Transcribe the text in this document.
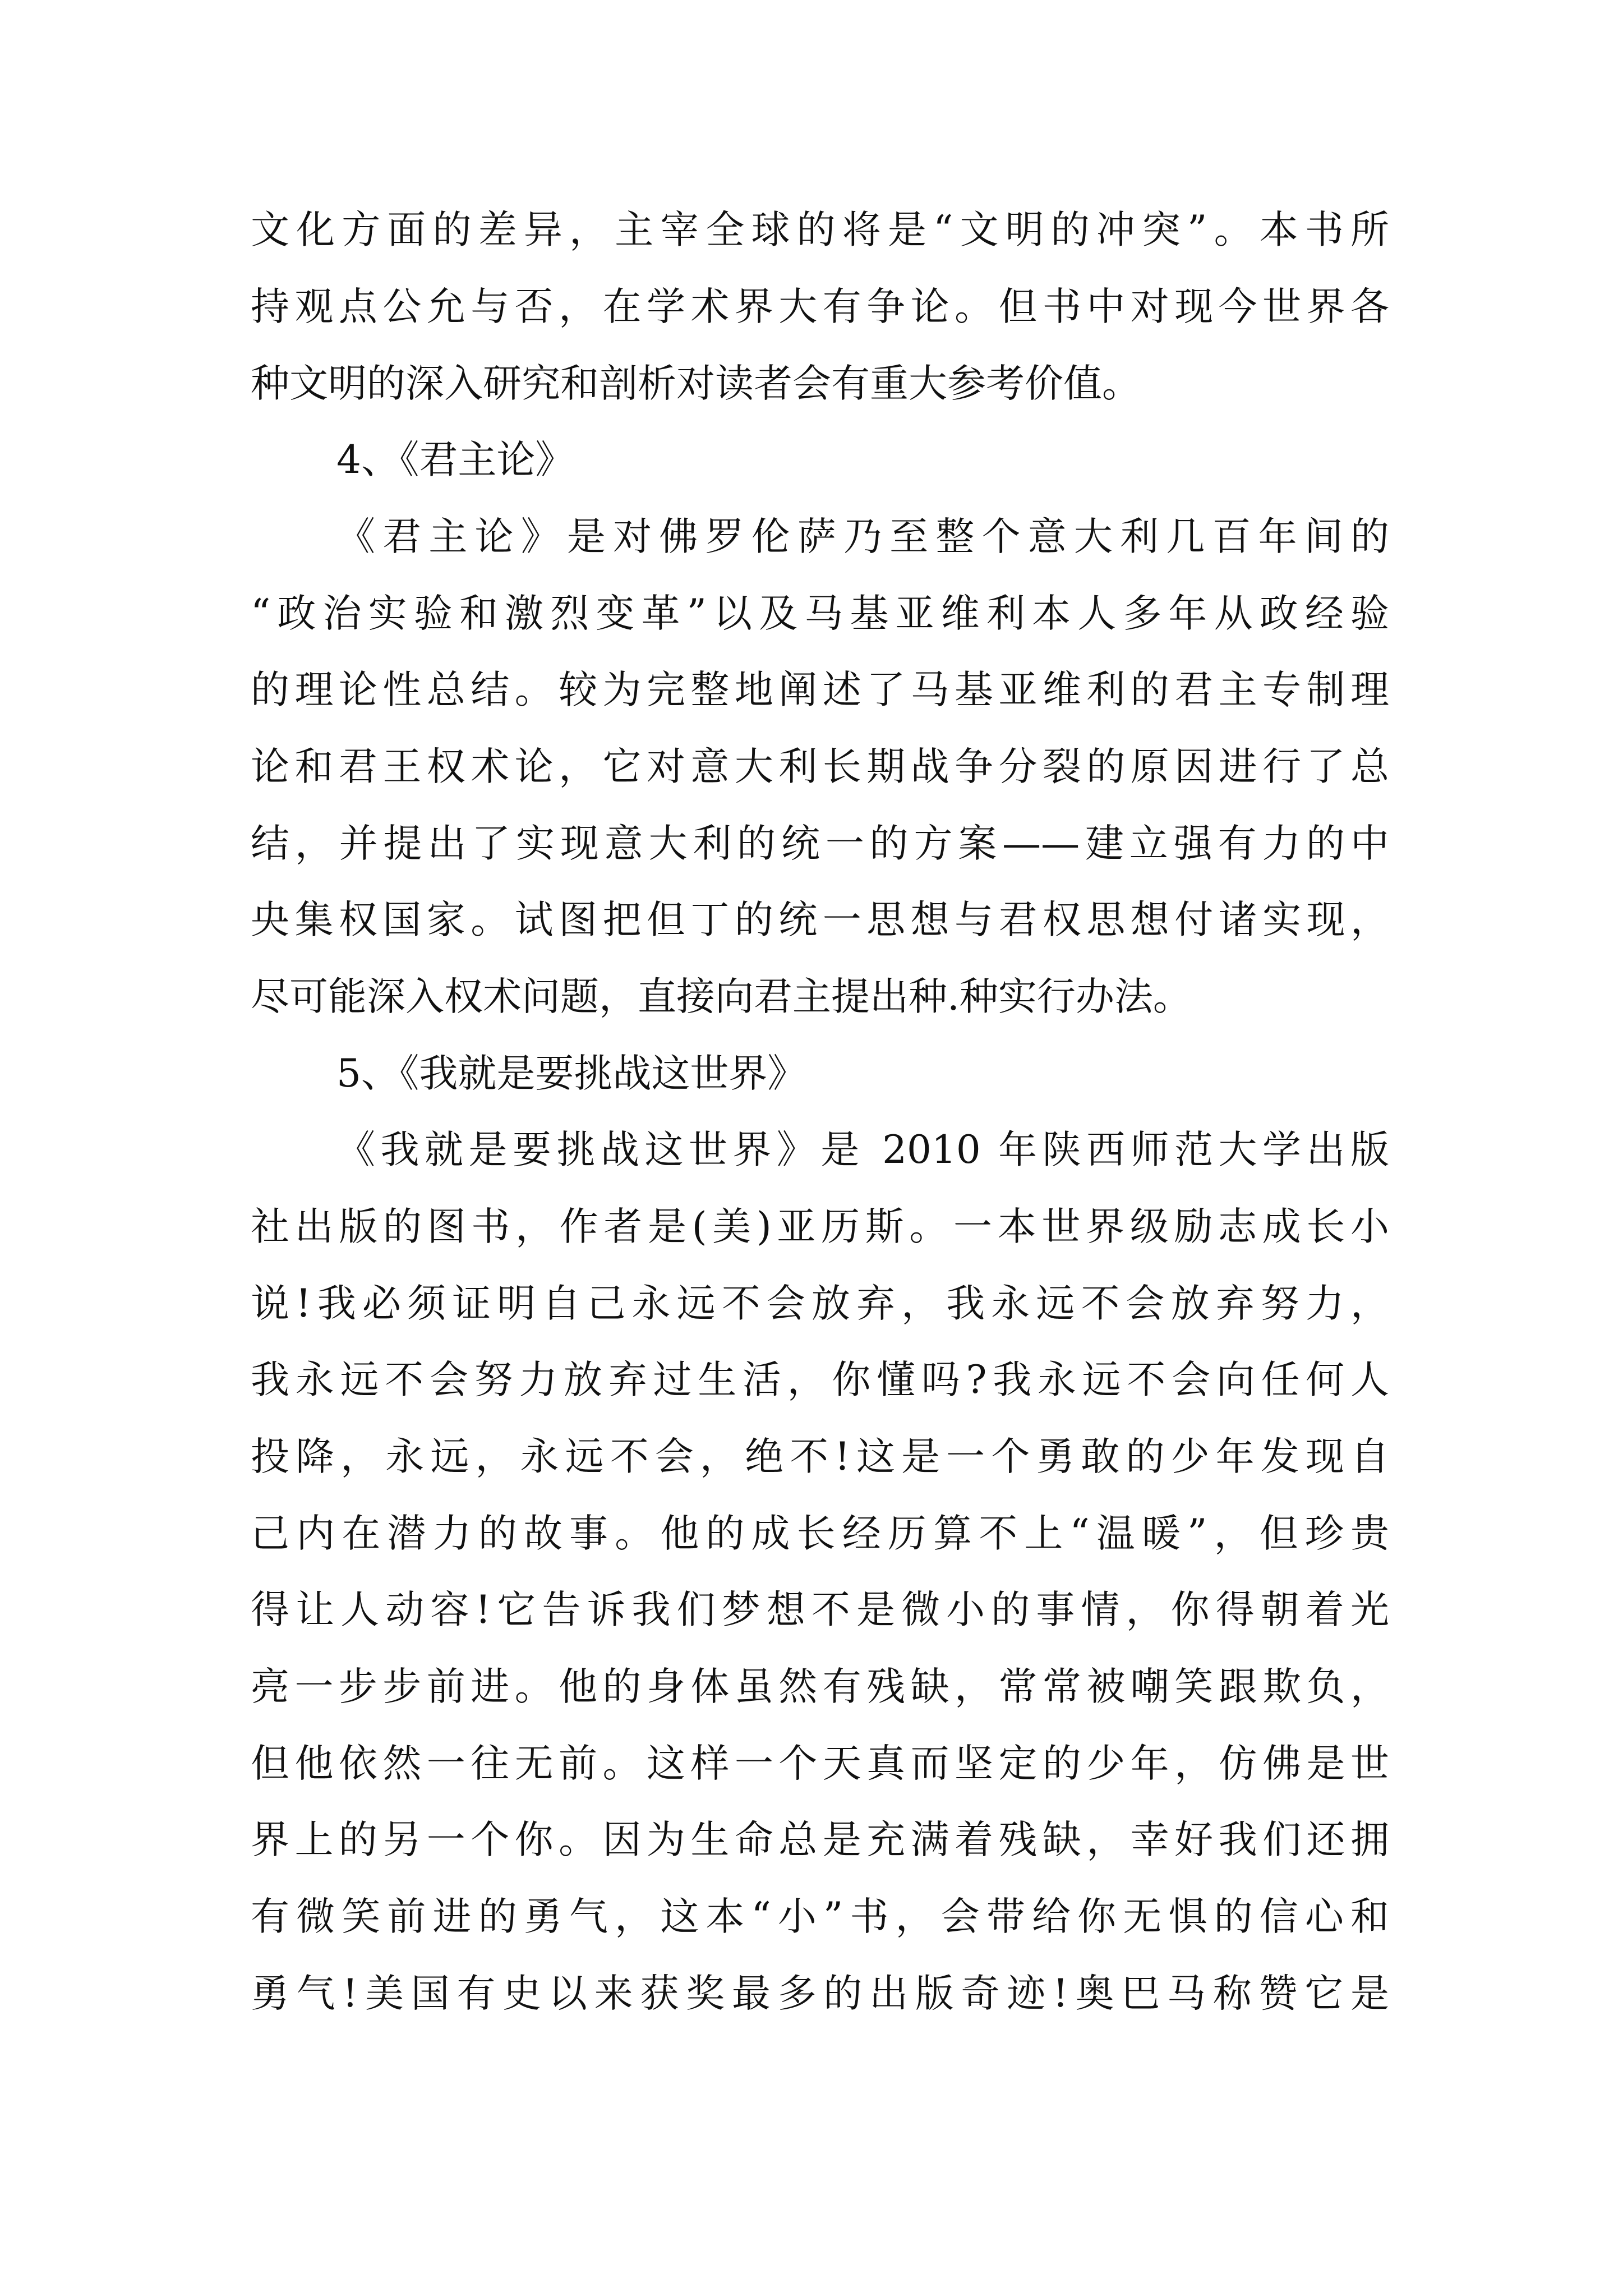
文化方面的差异，主宰全球的将是“文明的冲突”。本书所
持观点公允与否，在学术界大有争论。但书中对现今世界各
种文明的深入研究和剖析对读者会有重大参考价值。
4、《君主论》
《君主论》是对佛罗伦萨乃至整个意大利几百年间的
“政治实验和激烈变革”以及马基亚维利本人多年从政经验
的理论性总结。较为完整地阐述了马基亚维利的君主专制理
论和君王权术论，它对意大利长期战争分裂的原因进行了总
结，并提出了实现意大利的统一的方案——建立强有力的中
央集权国家。试图把但丁的统一思想与君权思想付诸实现，
尽可能深入权术问题，直接向君主提出种.种实行办法。
5、《我就是要挑战这世界》
《我就是要挑战这世界》是 2010 年陕西师范大学出版
社出版的图书，作者是(美)亚历斯。一本世界级励志成长小
说!我必须证明自己永远不会放弃，我永远不会放弃努力，
我永远不会努力放弃过生活，你懂吗?我永远不会向任何人
投降，永远，永远不会，绝不!这是一个勇敢的少年发现自
己内在潜力的故事。他的成长经历算不上“温暖”，但珍贵
得让人动容!它告诉我们梦想不是微小的事情，你得朝着光
亮一步步前进。他的身体虽然有残缺，常常被嘲笑跟欺负，
但他依然一往无前。这样一个天真而坚定的少年，仿佛是世
界上的另一个你。因为生命总是充满着残缺，幸好我们还拥
有微笑前进的勇气，这本“小”书，会带给你无惧的信心和
勇气!美国有史以来获奖最多的出版奇迹!奥巴马称赞它是
